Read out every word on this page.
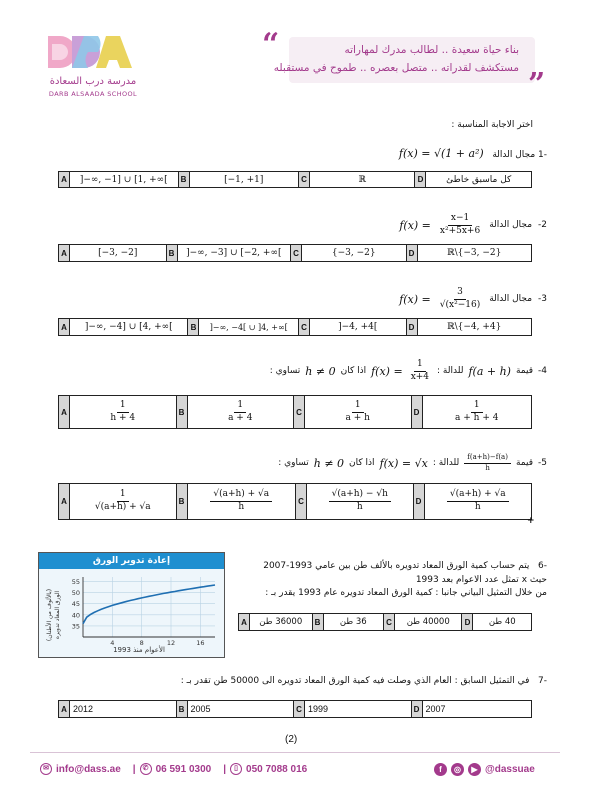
مدرسة درب السعادة
DARB ALSAADA SCHOOL
“	بناء حياة سعيدة .. لطالب مدرك لمهاراته
مستكشف لقدراته .. متصل بعصره .. طموح في مستقبله ”
اختر الاجابة المناسبة :
-1 مجال الدالة   f(x) = √(1 + a²)
A	]−∞, −1] ∪ [1, +∞[	B	[−1, +1]	C	ℝ	D	كل ماسبق خاطئ
$f(x) = \frac{x-1}{\text{x²+5x+6}}$ مجال الدالة -2
A	[−3, −2]	B	]−∞, −3] ∪ [−2, +∞[	C	{−3, −2}	D	ℝ\{−3, −2}
$f(x) = \frac{3}{\text{√(x²−16)}}$ مجال الدالة -3
A	]−∞, −4] ∪ [4, +∞[	B	]−∞, −4[ ∪ ]4, +∞[	C	]−4, +4[	D	ℝ\{−4, +4}
تساوي : h ≠ 0 اذا كان $f(x) = \frac{1}{x+4}$ للدالة : f(a + h) قيمة -4
A	$\frac{1}{h + 4}$	B	$\frac{1}{a + 4}$	C	$\frac{1}{a + h}$	D	$\frac{1}{a + h + 4}$
تساوي : h ≠ 0 اذا كان f(x) = √x للدالة : $\frac{f(a+h)-f(a)}{h}$ قيمة -5
A	$\frac{1}{√(a+h) + √a}$	B	$\frac{√(a+h) + √a}{h}$	C	$\frac{√(a+h) - √h}{h}$	D	$\frac{√(a+h) + √a}{h}$
+
إعادة تدوير الورق
(بالألوف من الأطنان)
الورق المعاد تدويره 35
40
45
50
55
4	8	12	16
الأعوام منذ 1993
-6   يتم حساب كمية الورق المعاد تدويره بالألف طن بين عامي 1993-2007
حيث x تمثل عدد الاعوام بعد 1993
من خلال التمثيل البياني جانبا : كمية الورق المعاد تدويره عام 1993 يقدر بـ :
A	36000 طن	B	36 طن	C	40000 طن	D	40 طن
-7   في التمثيل السابق : العام الذي وصلت فيه كمية الورق المعاد تدويره الى 50000 طن تقدر بـ :
A 2012	B 2005	C 1999	D 2007
(2)
✉ info@dass.ae |	✆ 06 591 0300 |	▯ 050 7088 016	f	◎	▶ @dassuae
